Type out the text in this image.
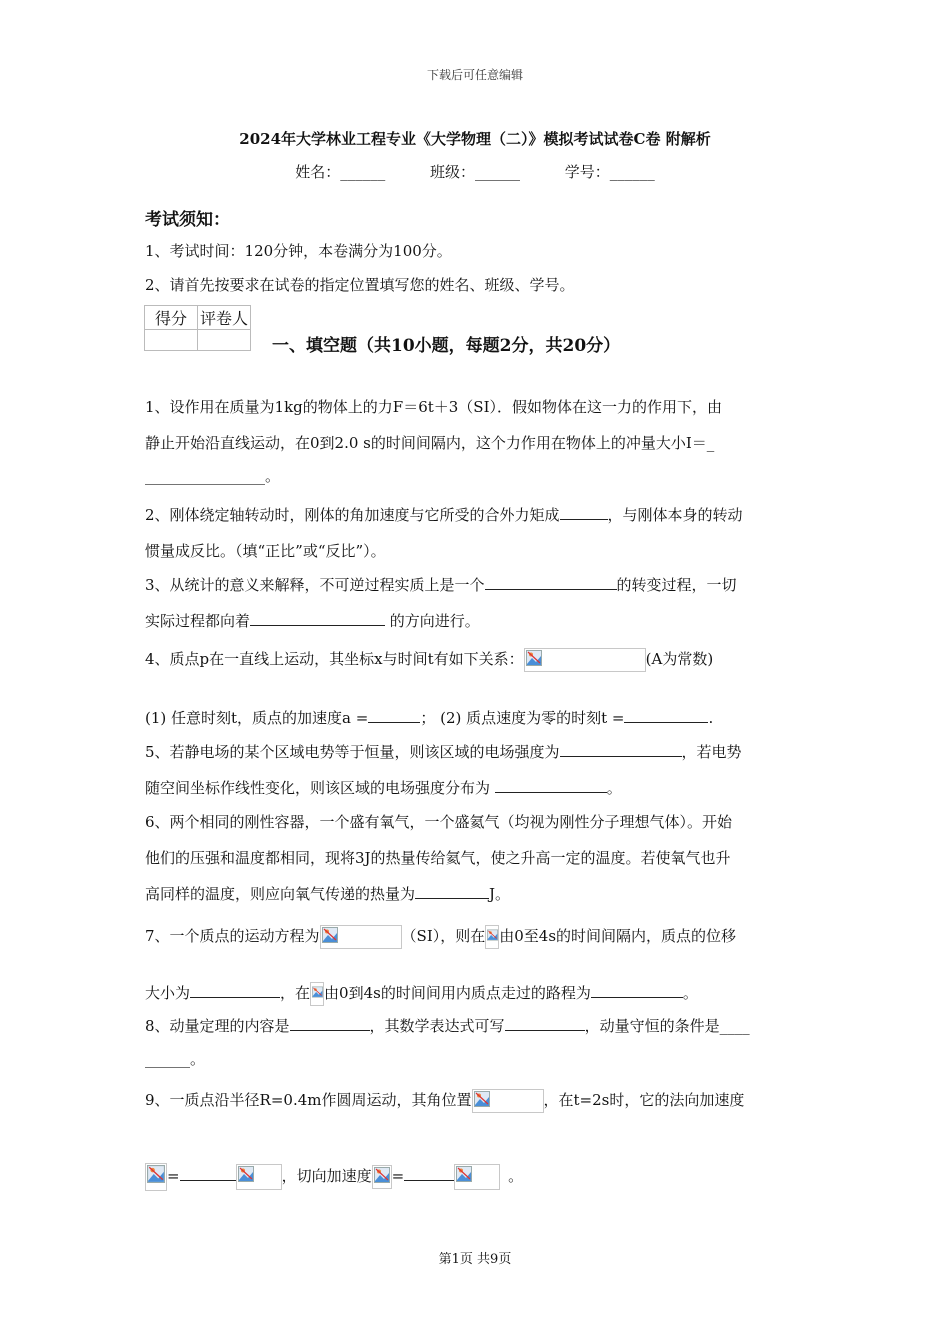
下载后可任意编辑
2024年大学林业工程专业《大学物理（二）》模拟考试试卷C卷 附解析
姓名：______	班级：______	学号：______
考试须知：
1、考试时间：120分钟，本卷满分为100分。
2、请首先按要求在试卷的指定位置填写您的姓名、班级、学号。
得分	评卷人

一、填空题（共10小题，每题2分，共20分）
1、设作用在质量为1kg的物体上的力F＝6t＋3（SI）．假如物体在这一力的作用下，由
静止开始沿直线运动，在0到2.0 s的时间间隔内，这个力作用在物体上的冲量大小I＝_
________________。
2、刚体绕定轴转动时，刚体的角加速度与它所受的合外力矩成	，与刚体本身的转动
惯量成反比。（填“正比”或“反比”）。
3、从统计的意义来解释，不可逆过程实质上是一个	的转变过程，一切
实际过程都向着	的方向进行。
4、质点p在一直线上运动，其坐标x与时间t有如下关系：	(A为常数)
(1) 任意时刻t，质点的加速度a =	； (2) 质点速度为零的时刻t =	.
5、若静电场的某个区域电势等于恒量，则该区域的电场强度为	，若电势
随空间坐标作线性变化，则该区域的电场强度分布为	。
6、两个相同的刚性容器，一个盛有氧气，一个盛氦气（均视为刚性分子理想气体）。开始
他们的压强和温度都相同，现将3J的热量传给氦气，使之升高一定的温度。若使氧气也升
高同样的温度，则应向氧气传递的热量为	J。
7、一个质点的运动方程为	（SI），则在 由0至4s的时间间隔内，质点的位移
大小为	，在 由0到4s的时间间用内质点走过的路程为	。
8、动量定理的内容是	，其数学表达式可写	，动量守恒的条件是____
______。
9、一质点沿半径R=0.4m作圆周运动，其角位置	，在t=2s时，它的法向加速度
=	，切向加速度 =	。
第1页 共9页
